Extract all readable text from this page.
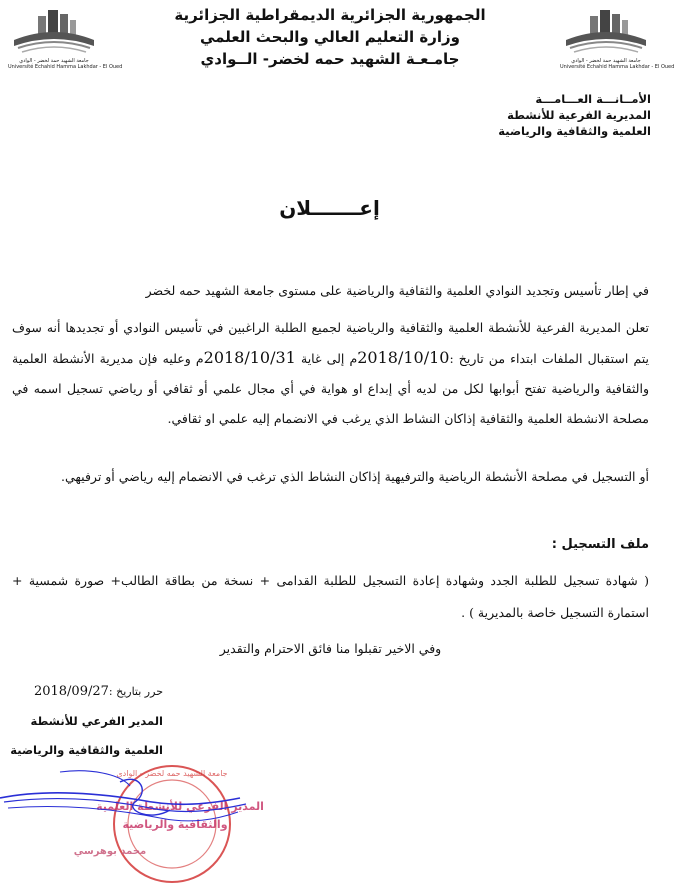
جامعة الشهيد حمة لخضر - الوادي
Université Echahid Hamma Lakhdar - El Oued
جامعة الشهيد حمة لخضر - الوادي
Université Echahid Hamma Lakhdar - El Oued
الجمهورية الجزائرية الديمقراطية الجزائرية
وزارة التعليم العالي والبحث العلمي
جامـعـة الشهيد حمه لخضر- الــوادي
الأمــانـــة العـــامـــة
المديرية الفرعية للأنشطة
العلمية والثقافية والرياضية
إعـــــــلان

في إطار تأسيس وتجديد النوادي العلمية والثقافية والرياضية على مستوى جامعة الشهيد حمه لخضر

تعلن المديرية الفرعية للأنشطة العلمية والثقافية والرياضية لجميع الطلبة الراغبين في تأسيس النوادي أو تجديدها أنه سوف يتم استقبال الملفات ابتداء من تاريخ :2018/10/10م إلى غاية 2018/10/31م وعليه فإن مديرية الأنشطة العلمية والثقافية والرياضية تفتح أبوابها لكل من لديه أي إبداع او هواية في أي مجال علمي أو ثقافي أو رياضي تسجيل اسمه في مصلحة الانشطة العلمية والثقافية إذاكان النشاط الذي يرغب في الانضمام إليه علمي او ثقافي.

أو التسجيل في مصلحة الأنشطة الرياضية والترفيهية إذاكان النشاط الذي ترغب في الانضمام إليه رياضي أو ترفيهي.

ملف التسجيل :

( شهادة تسجيل للطلبة الجدد وشهادة إعادة التسجيل للطلبة القدامى + نسخة من بطاقة الطالب+ صورة شمسية + استمارة التسجيل خاصة بالمديرية ) .

وفي الاخير تقبلوا منا فائق الاحترام والتقدير

حرر بتاريخ :2018/09/27
المدير الفرعي للأنشطة
العلمية والثقافية والرياضية
جامعة الشهيد حمه لخضر - الوادي
المدير الفرعي للأنشطة العلمية
والثقافية والرياضية
محمد بوهرسي
